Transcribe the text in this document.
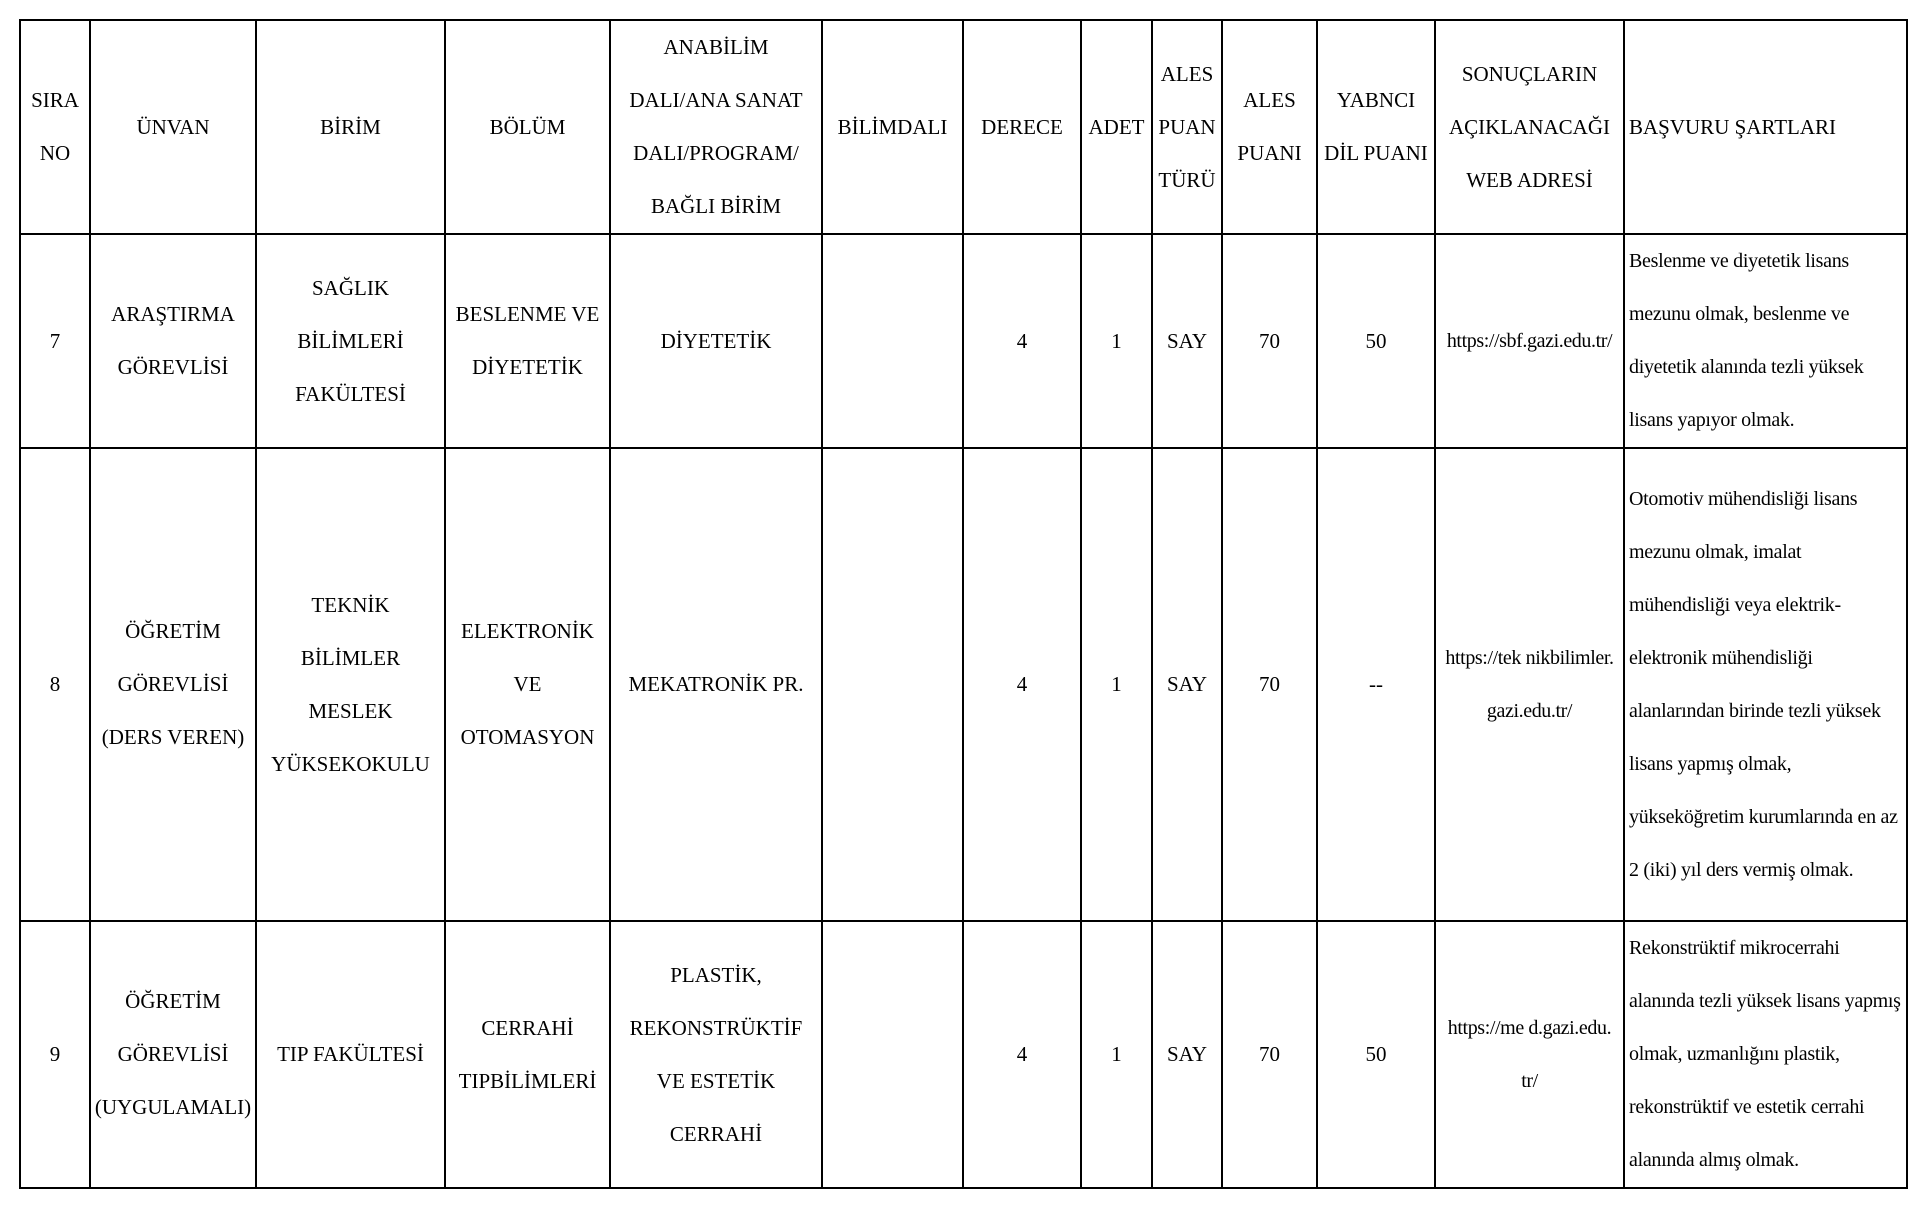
SIRA NO	ÜNVAN	BİRİM	BÖLÜM	ANABİLİM DALI/ANA SANAT DALI/PROGRAM/ BAĞLI BİRİM	BİLİMDALI	DERECE	ADET	ALES PUAN TÜRÜ	ALES PUANI	YABNCI DİL PUANI	SONUÇLARIN AÇIKLANACAĞI WEB ADRESİ	BAŞVURU ŞARTLARI
7	ARAŞTIRMA GÖREVLİSİ	SAĞLIK BİLİMLERİ FAKÜLTESİ	BESLENME VE DİYETETİK	DİYETETİK		4	1	SAY	70	50	https://sbf.gazi.edu.tr/	Beslenme ve diyetetik lisans mezunu olmak, beslenme ve diyetetik alanında tezli yüksek lisans yapıyor olmak.
8	ÖĞRETİM GÖREVLİSİ (DERS VEREN)	TEKNİK BİLİMLER MESLEK YÜKSEKOKULU	ELEKTRONİK VE OTOMASYON	MEKATRONİK PR.		4	1	SAY	70	--	https://tek nikbilimler. gazi.edu.tr/	Otomotiv mühendisliği lisans mezunu olmak, imalat mühendisliği veya elektrik-elektronik mühendisliği alanlarından birinde tezli yüksek lisans yapmış olmak, yükseköğretim kurumlarında en az 2 (iki) yıl ders vermiş olmak.
9	ÖĞRETİM GÖREVLİSİ (UYGULAMALI)	TIP FAKÜLTESİ	CERRAHİ TIPBİLİMLERİ	PLASTİK, REKONSTRÜKTİF VE ESTETİK CERRAHİ		4	1	SAY	70	50	https://me d.gazi.edu. tr/	Rekonstrüktif mikrocerrahi alanında tezli yüksek lisans yapmış olmak, uzmanlığını plastik, rekonstrüktif ve estetik cerrahi alanında almış olmak.
